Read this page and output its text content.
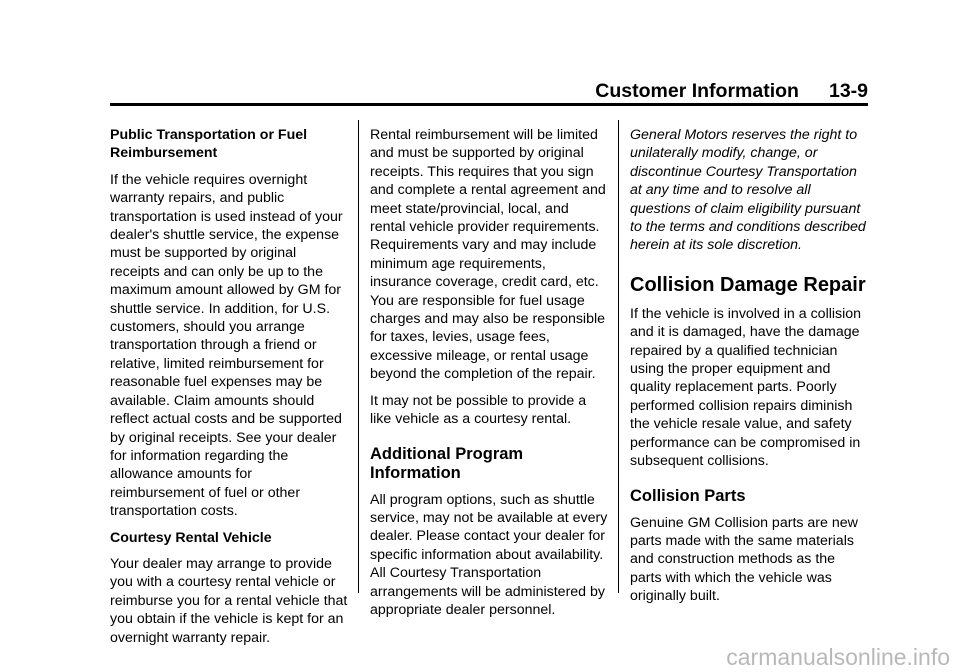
Customer Information 13-9

Public Transportation or Fuel Reimbursement

If the vehicle requires overnight warranty repairs, and public transportation is used instead of your dealer's shuttle service, the expense must be supported by original receipts and can only be up to the maximum amount allowed by GM for shuttle service. In addition, for U.S. customers, should you arrange transportation through a friend or relative, limited reimbursement for reasonable fuel expenses may be available. Claim amounts should reflect actual costs and be supported by original receipts. See your dealer for information regarding the allowance amounts for reimbursement of fuel or other transportation costs.

Courtesy Rental Vehicle

Your dealer may arrange to provide you with a courtesy rental vehicle or reimburse you for a rental vehicle that you obtain if the vehicle is kept for an overnight warranty repair.

Rental reimbursement will be limited and must be supported by original receipts. This requires that you sign and complete a rental agreement and meet state/provincial, local, and rental vehicle provider requirements. Requirements vary and may include minimum age requirements, insurance coverage, credit card, etc. You are responsible for fuel usage charges and may also be responsible for taxes, levies, usage fees, excessive mileage, or rental usage beyond the completion of the repair.

It may not be possible to provide a like vehicle as a courtesy rental.

Additional Program Information

All program options, such as shuttle service, may not be available at every dealer. Please contact your dealer for specific information about availability. All Courtesy Transportation arrangements will be administered by appropriate dealer personnel.

General Motors reserves the right to unilaterally modify, change, or discontinue Courtesy Transportation at any time and to resolve all questions of claim eligibility pursuant to the terms and conditions described herein at its sole discretion.

Collision Damage Repair

If the vehicle is involved in a collision and it is damaged, have the damage repaired by a qualified technician using the proper equipment and quality replacement parts. Poorly performed collision repairs diminish the vehicle resale value, and safety performance can be compromised in subsequent collisions.

Collision Parts

Genuine GM Collision parts are new parts made with the same materials and construction methods as the parts with which the vehicle was originally built.

carmanualsonline.info
